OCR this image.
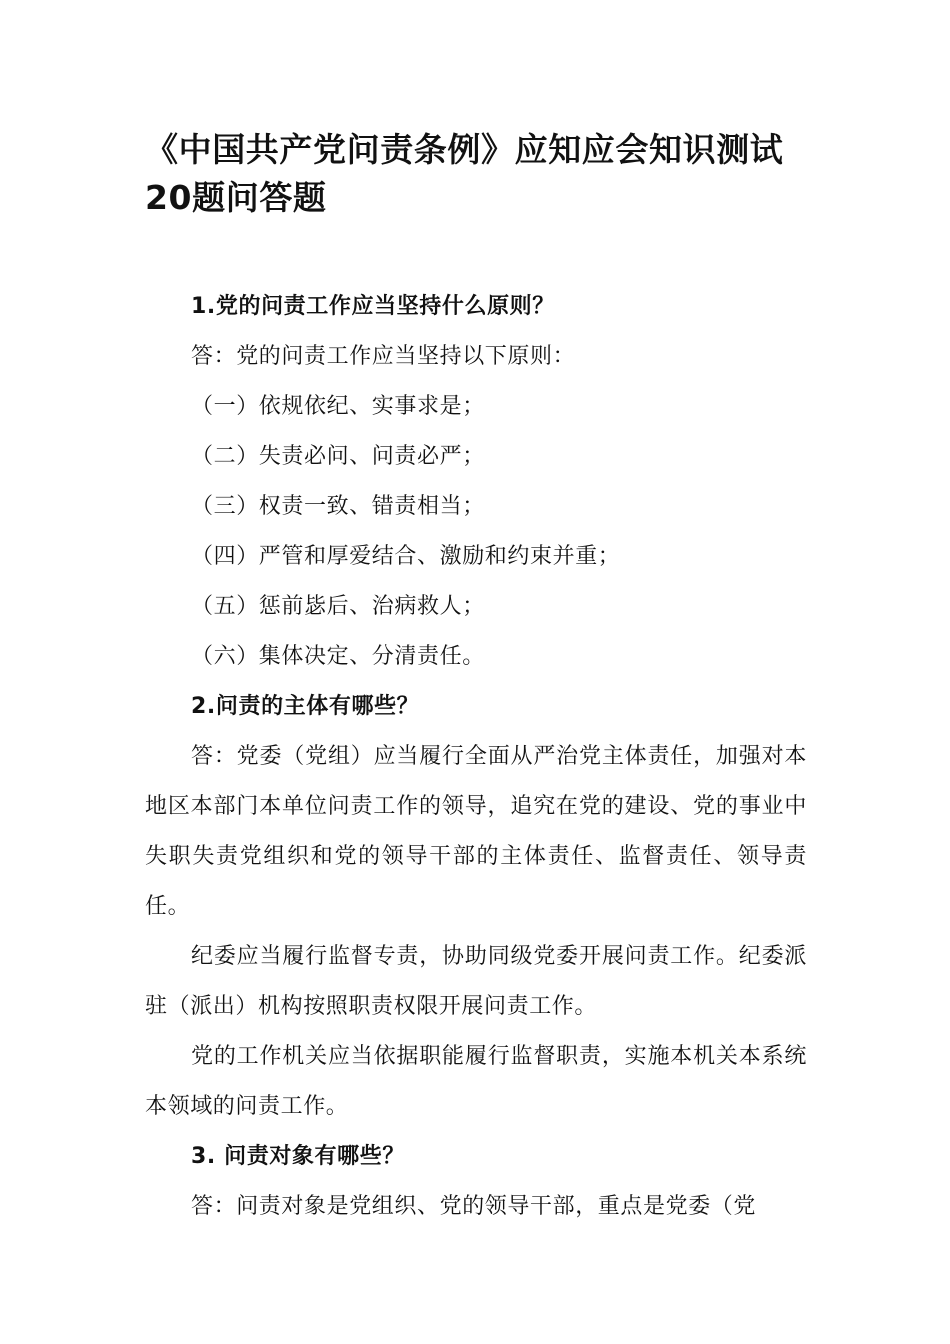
《中国共产党问责条例》应知应会知识测试20题问答题

1.党的问责工作应当坚持什么原则？

答：党的问责工作应当坚持以下原则：

（一）依规依纪、实事求是；

（二）失责必问、问责必严；

（三）权责一致、错责相当；

（四）严管和厚爱结合、激励和约束并重；

（五）惩前毖后、治病救人；

（六）集体决定、分清责任。

2.问责的主体有哪些？

答：党委（党组）应当履行全面从严治党主体责任，加强对本地区本部门本单位问责工作的领导，追究在党的建设、党的事业中失职失责党组织和党的领导干部的主体责任、监督责任、领导责任。

纪委应当履行监督专责，协助同级党委开展问责工作。纪委派驻（派出）机构按照职责权限开展问责工作。

党的工作机关应当依据职能履行监督职责，实施本机关本系统本领域的问责工作。

3. 问责对象有哪些？

答：问责对象是党组织、党的领导干部，重点是党委（党
